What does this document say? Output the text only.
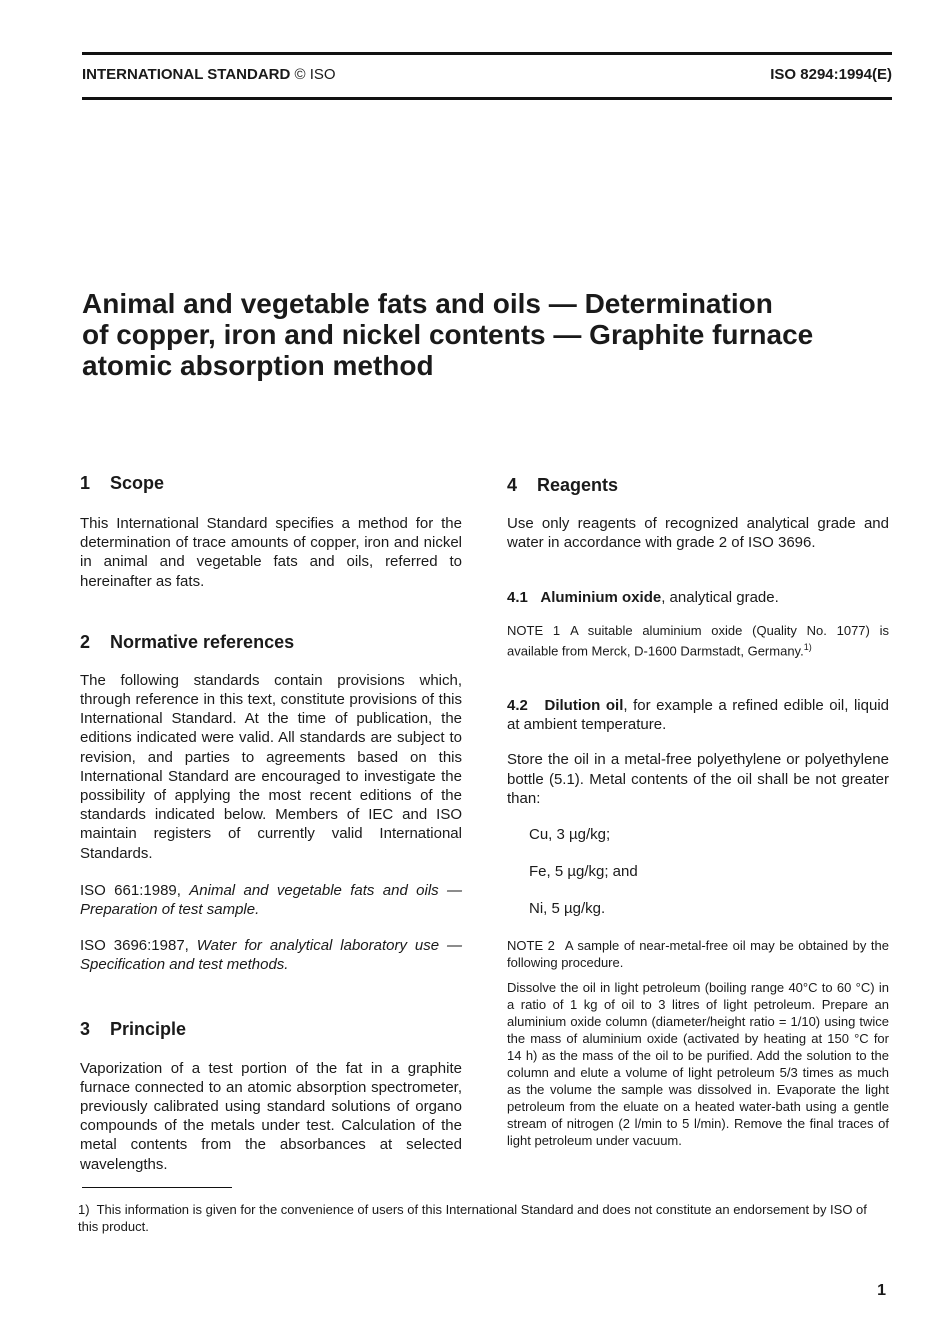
INTERNATIONAL STANDARD © ISO	ISO 8294:1994(E)
Animal and vegetable fats and oils — Determination
of copper, iron and nickel contents — Graphite furnace
atomic absorption method
1 Scope

This International Standard specifies a method for the determination of trace amounts of copper, iron and nickel in animal and vegetable fats and oils, referred to hereinafter as fats.

2 Normative references

The following standards contain provisions which, through reference in this text, constitute provisions of this International Standard. At the time of publication, the editions indicated were valid. All standards are subject to revision, and parties to agreements based on this International Standard are encouraged to investigate the possibility of applying the most recent editions of the standards indicated below. Members of IEC and ISO maintain registers of currently valid International Standards.

ISO 661:1989, Animal and vegetable fats and oils — Preparation of test sample.

ISO 3696:1987, Water for analytical laboratory use — Specification and test methods.

3 Principle

Vaporization of a test portion of the fat in a graphite furnace connected to an atomic absorption spectrometer, previously calibrated using standard solutions of organo compounds of the metals under test. Calculation of the metal contents from the absorbances at selected wavelengths.

4 Reagents

Use only reagents of recognized analytical grade and water in accordance with grade 2 of ISO 3696.

4.1 Aluminium oxide, analytical grade.

NOTE 1 A suitable aluminium oxide (Quality No. 1077) is available from Merck, D-1600 Darmstadt, Germany.$^{1)}$

4.2 Dilution oil, for example a refined edible oil, liquid at ambient temperature.

Store the oil in a metal-free polyethylene or polyethylene bottle (5.1). Metal contents of the oil shall be not greater than:

Cu, 3 µg/kg;

Fe, 5 µg/kg; and

Ni, 5 µg/kg.

NOTE 2 A sample of near-metal-free oil may be obtained by the following procedure.

Dissolve the oil in light petroleum (boiling range 40°C to 60 °C) in a ratio of 1 kg of oil to 3 litres of light petroleum. Prepare an aluminium oxide column (diameter/height ratio = 1/10) using twice the mass of aluminium oxide (activated by heating at 150 °C for 14 h) as the mass of the oil to be purified. Add the solution to the column and elute a volume of light petroleum 5/3 times as much as the volume the sample was dissolved in. Evaporate the light petroleum from the eluate on a heated water-bath using a gentle stream of nitrogen (2 l/min to 5 l/min). Remove the final traces of light petroleum under vacuum.

1) This information is given for the convenience of users of this International Standard and does not constitute an endorsement by ISO of this product.
1
